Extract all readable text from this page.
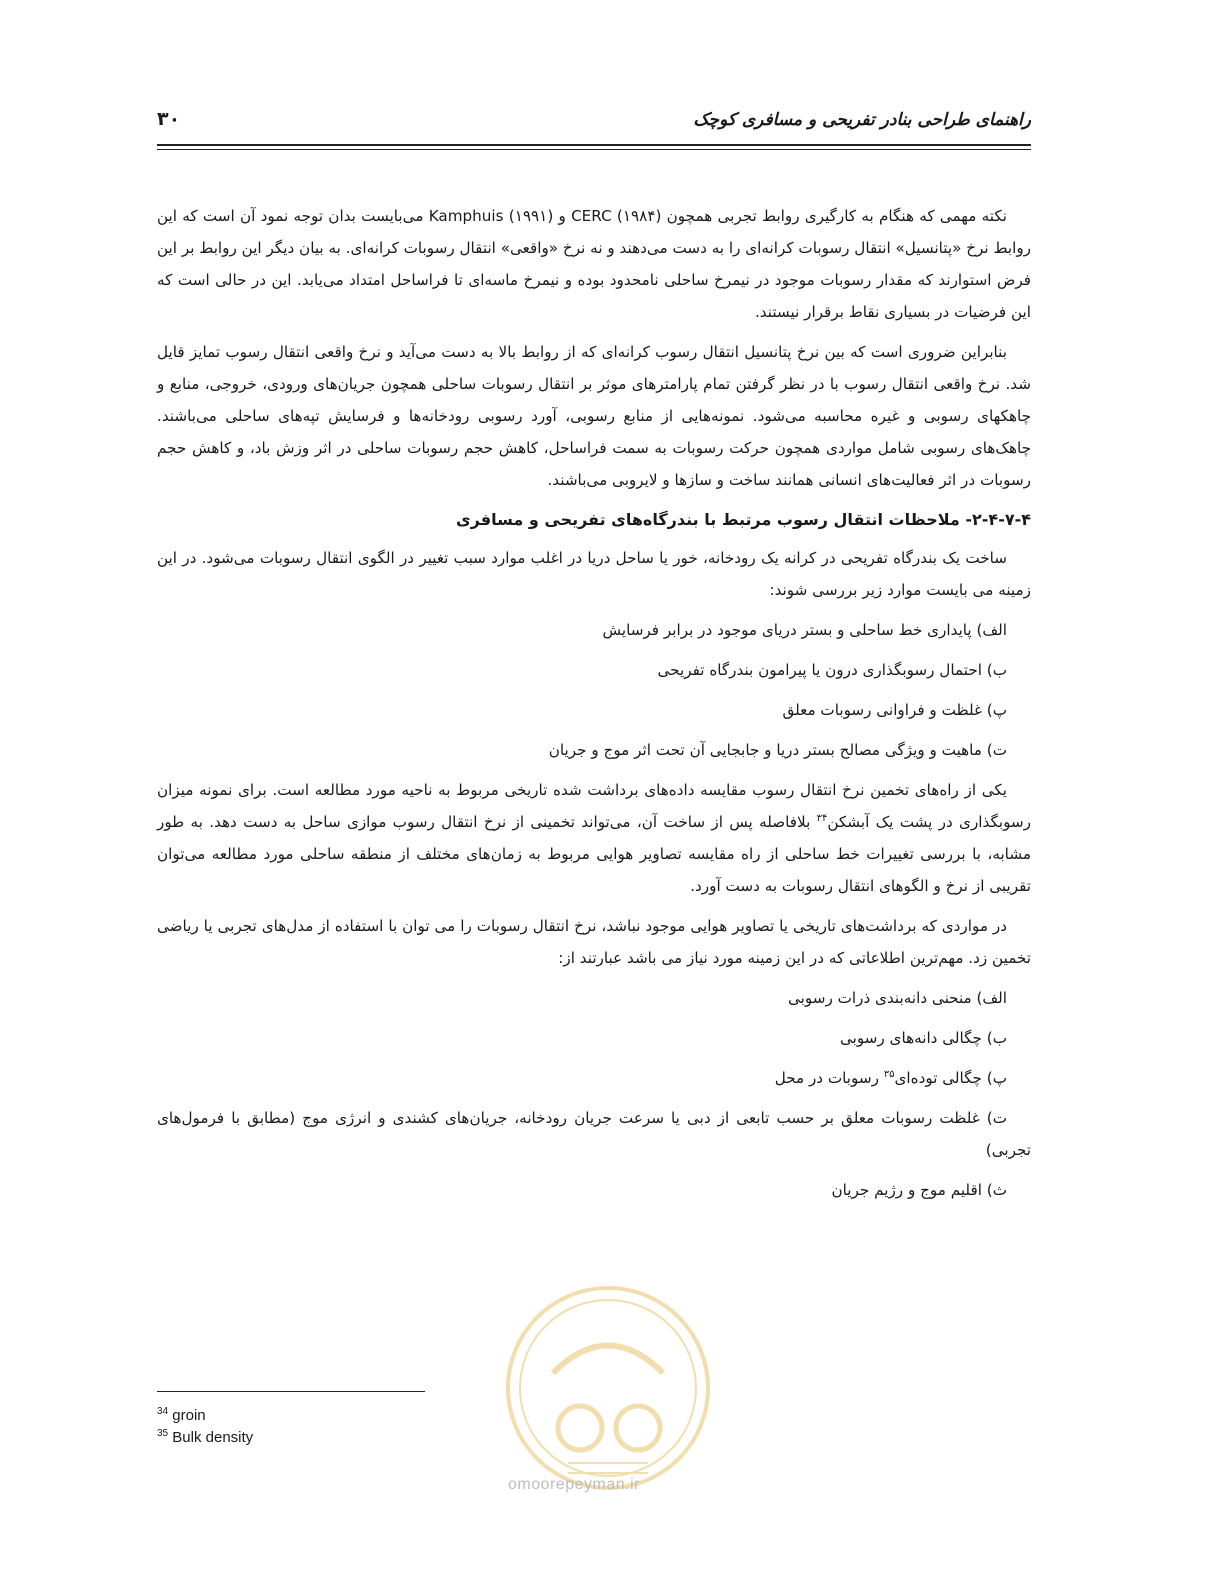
راهنمای طراحی بنادر تفریحی و مسافری کوچک
۳۰

نکته مهمی که هنگام به کارگیری روابط تجربی همچون CERC (۱۹۸۴) و Kamphuis (۱۹۹۱) می‌بایست بدان توجه نمود آن است که این روابط نرخ «پتانسیل» انتقال رسوبات کرانه‌ای را به دست می‌دهند و نه نرخ «واقعی» انتقال رسوبات کرانه‌ای. به بیان دیگر این روابط بر این فرض استوارند که مقدار رسوبات موجود در نیمرخ ساحلی نامحدود بوده و نیمرخ ماسه‌ای تا فراساحل امتداد می‌یابد. این در حالی است که این فرضیات در بسیاری نقاط برقرار نیستند.

بنابراین ضروری است که بین نرخ پتانسیل انتقال رسوب کرانه‌ای که از روابط بالا به دست می‌آید و نرخ واقعی انتقال رسوب تمایز قایل شد. نرخ واقعی انتقال رسوب با در نظر گرفتن تمام پارامترهای موثر بر انتقال رسوبات ساحلی همچون جریان‌های ورودی، خروجی، منابع و چاهکهای رسوبی و غیره محاسبه می‌شود. نمونه‌هایی از منابع رسوبی، آورد رسوبی رودخانه‌ها و فرسایش تپه‌های ساحلی می‌باشند. چاهک‌های رسوبی شامل مواردی همچون حرکت رسوبات به سمت فراساحل، کاهش حجم رسوبات ساحلی در اثر وزش باد، و کاهش حجم رسوبات در اثر فعالیت‌های انسانی همانند ساخت و سازها و لایروبی می‌باشند.

۲-۴-۷-۴- ملاحظات انتقال رسوب مرتبط با بندرگاه‌های تفریحی و مسافری

ساخت یک بندرگاه تفریحی در کرانه یک رودخانه، خور یا ساحل دریا در اغلب موارد سبب تغییر در الگوی انتقال رسوبات می‌شود. در این زمینه می بایست موارد زیر بررسی شوند:

الف) پایداری خط ساحلی و بستر دریای موجود در برابر فرسایش

ب) احتمال رسوبگذاری درون یا پیرامون بندرگاه تفریحی

پ) غلظت و فراوانی رسوبات معلق

ت) ماهیت و ویژگی مصالح بستر دریا و جابجایی آن تحت اثر موج و جریان

یکی از راه‌های تخمین نرخ انتقال رسوب مقایسه داده‌های برداشت شده تاریخی مربوط به ناحیه مورد مطالعه است. برای نمونه میزان رسوبگذاری در پشت یک آبشکن$^{۳۴}$ بلافاصله پس از ساخت آن، می‌تواند تخمینی از نرخ انتقال رسوب موازی ساحل به دست دهد. به طور مشابه، با بررسی تغییرات خط ساحلی از راه مقایسه تصاویر هوایی مربوط به زمان‌های مختلف از منطقه ساحلی مورد مطالعه می‌توان تقریبی از نرخ و الگوهای انتقال رسوبات به دست آورد.

در مواردی که برداشت‌های تاریخی یا تصاویر هوایی موجود نباشد، نرخ انتقال رسوبات را می توان با استفاده از مدل‌های تجربی یا ریاضی تخمین زد. مهم‌ترین اطلاعاتی که در این زمینه مورد نیاز می باشد عبارتند از:

الف) منحنی دانه‌بندی ذرات رسوبی

ب) چگالی دانه‌های رسوبی

پ) چگالی توده‌ای$^{۳۵}$ رسوبات در محل

ت) غلظت رسوبات معلق بر حسب تابعی از دبی یا سرعت جریان رودخانه، جریان‌های کشندی و انرژی موج (مطابق با فرمول‌های تجربی)

ث) اقلیم موج و رژیم جریان

omoorepeyman.ir
$^{34}$ groin
$^{35}$ Bulk density
